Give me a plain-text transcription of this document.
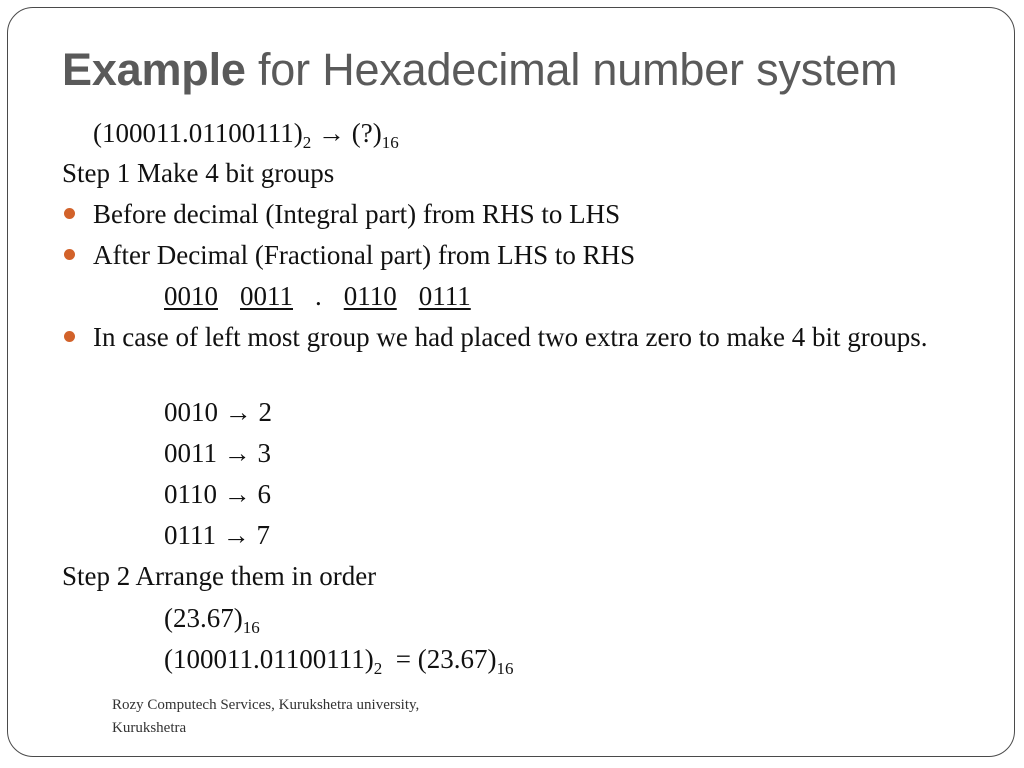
Example for Hexadecimal number system
$(100011.01100111)_2$ → $(?)_{16}$
Step 1 Make 4 bit groups
Before decimal (Integral part) from RHS to LHS
After Decimal (Fractional part) from LHS to RHS
0010 0011 . 0110 0111
In case of left most group we had placed two extra zero to make 4 bit groups.
0010 → 2
0011 → 3
0110 → 6
0111 → 7
Step 2 Arrange them in order
$(23.67)_{16}$
$(100011.01100111)_2 = (23.67)_{16}$
Rozy Computech Services, Kurukshetra university,
Kurukshetra
